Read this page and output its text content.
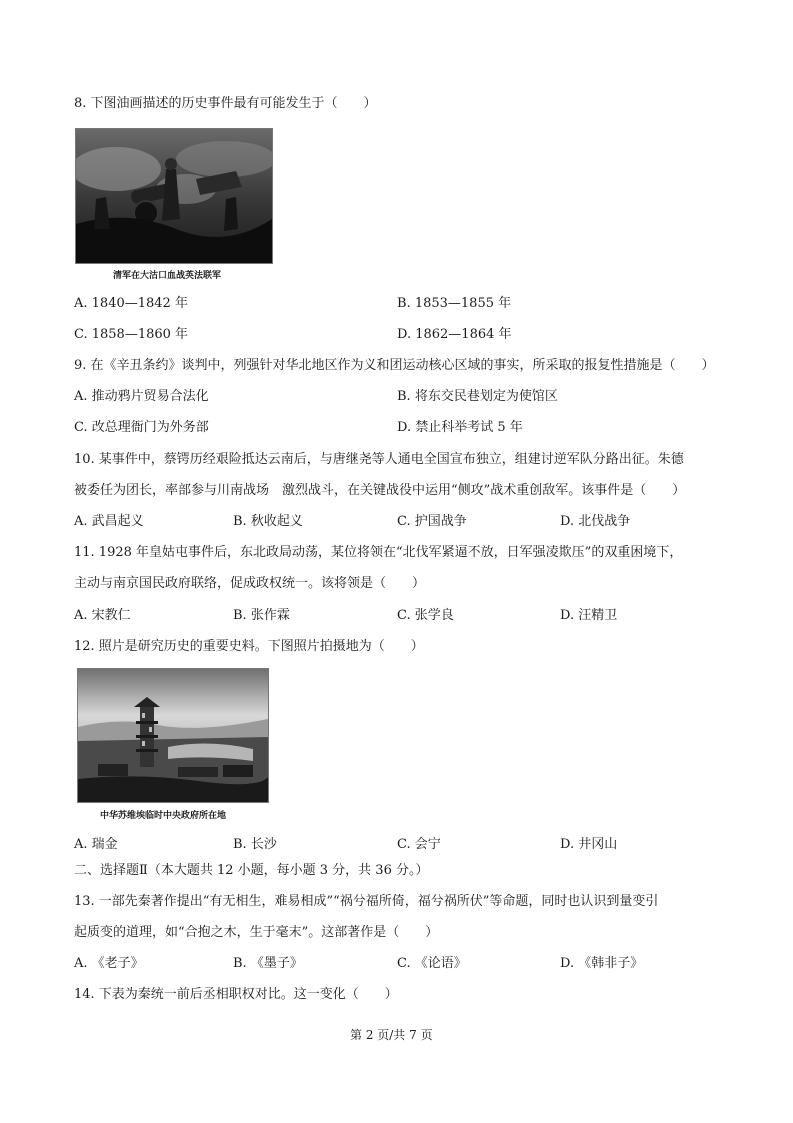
8. 下图油画描述的历史事件最有可能发生于（　　）
清军在大沽口血战英法联军
A. 1840—1842 年	B. 1853—1855 年
C. 1858—1860 年	D. 1862—1864 年
9. 在《辛丑条约》谈判中，列强针对华北地区作为义和团运动核心区域的事实，所采取的报复性措施是（　　）
A. 推动鸦片贸易合法化	B. 将东交民巷划定为使馆区
C. 改总理衙门为外务部	D. 禁止科举考试 5 年
10. 某事件中，蔡锷历经艰险抵达云南后，与唐继尧等人通电全国宣布独立，组建讨逆军队分路出征。朱德
被委任为团长，率部参与川南战场　激烈战斗，在关键战役中运用“侧攻”战术重创敌军。该事件是（　　）
A. 武昌起义	B. 秋收起义	C. 护国战争	D. 北伐战争
11. 1928 年皇姑屯事件后，东北政局动荡，某位将领在“北伐军紧逼不放，日军强凌欺压”的双重困境下，
主动与南京国民政府联络，促成政权统一。该将领是（　　）
A. 宋教仁	B. 张作霖	C. 张学良	D. 汪精卫
12. 照片是研究历史的重要史料。下图照片拍摄地为（　　）
中华苏维埃临时中央政府所在地
A. 瑞金	B. 长沙	C. 会宁	D. 井冈山
二、选择题Ⅱ（本大题共 12 小题，每小题 3 分，共 36 分。）
13. 一部先秦著作提出“有无相生，难易相成”“祸兮福所倚，福兮祸所伏”等命题，同时也认识到量变引
起质变的道理，如“合抱之木，生于毫末”。这部著作是（　　）
A. 《老子》	B. 《墨子》	C. 《论语》	D. 《韩非子》
14. 下表为秦统一前后丞相职权对比。这一变化（　　）
第 2 页/共 7 页
